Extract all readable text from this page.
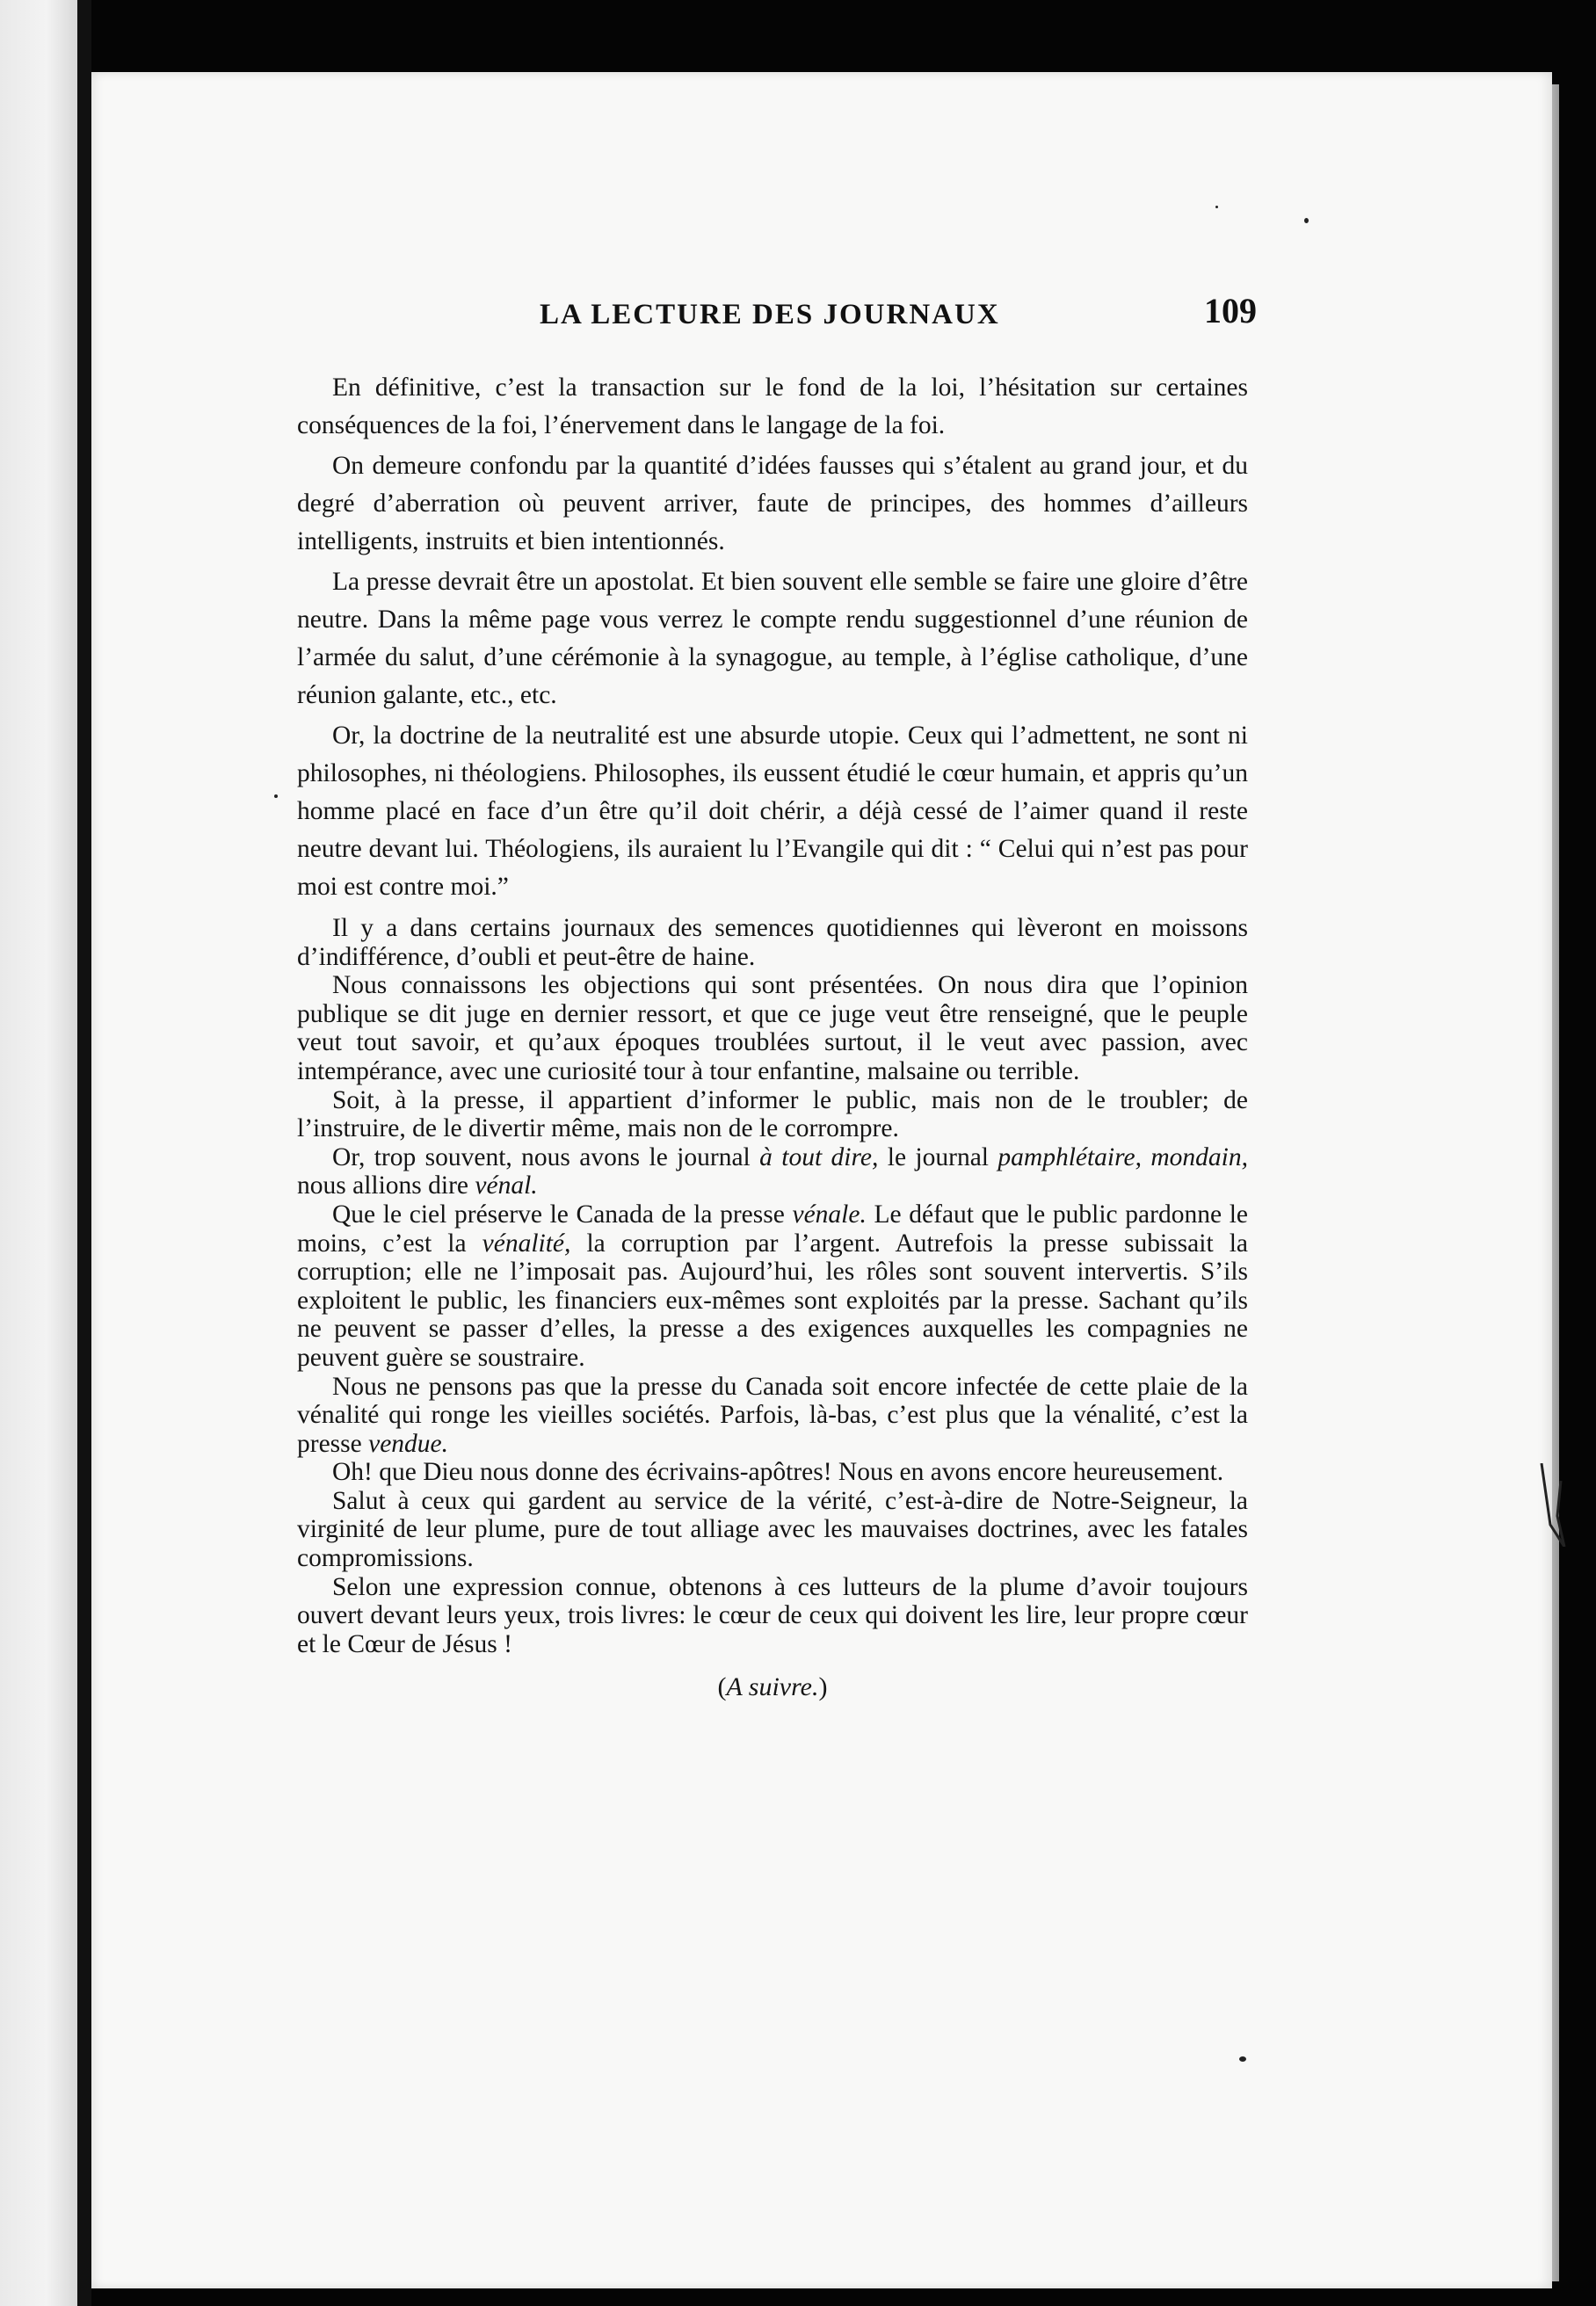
LA LECTURE DES JOURNAUX	109

En définitive, c’est la transaction sur le fond de la loi, l’hésitation sur certaines conséquences de la foi, l’énervement dans le langage de la foi.

On demeure confondu par la quantité d’idées fausses qui s’étalent au grand jour, et du degré d’aberration où peuvent arriver, faute de principes, des hommes d’ailleurs intelligents, instruits et bien intentionnés.

La presse devrait être un apostolat. Et bien souvent elle semble se faire une gloire d’être neutre. Dans la même page vous verrez le compte rendu suggestionnel d’une réunion de l’armée du salut, d’une cérémonie à la synagogue, au temple, à l’église catholique, d’une réunion galante, etc., etc.

Or, la doctrine de la neutralité est une absurde utopie. Ceux qui l’admettent, ne sont ni philosophes, ni théologiens. Philosophes, ils eussent étudié le cœur humain, et appris qu’un homme placé en face d’un être qu’il doit chérir, a déjà cessé de l’aimer quand il reste neutre devant lui. Théologiens, ils auraient lu l’Evangile qui dit : “ Celui qui n’est pas pour moi est contre moi.”

Il y a dans certains journaux des semences quotidiennes qui lèveront en moissons d’indifférence, d’oubli et peut-être de haine.

Nous connaissons les objections qui sont présentées. On nous dira que l’opinion publique se dit juge en dernier ressort, et que ce juge veut être renseigné, que le peuple veut tout savoir, et qu’aux époques troublées surtout, il le veut avec passion, avec intempérance, avec une curiosité tour à tour enfantine, malsaine ou terrible.

Soit, à la presse, il appartient d’informer le public, mais non de le troubler; de l’instruire, de le divertir même, mais non de le corrompre.

Or, trop souvent, nous avons le journal à tout dire, le journal pamphlétaire, mondain, nous allions dire vénal.

Que le ciel préserve le Canada de la presse vénale. Le défaut que le public pardonne le moins, c’est la vénalité, la corruption par l’argent. Autrefois la presse subissait la corruption; elle ne l’imposait pas. Aujourd’hui, les rôles sont souvent intervertis. S’ils exploitent le public, les financiers eux-mêmes sont exploités par la presse. Sachant qu’ils ne peuvent se passer d’elles, la presse a des exigences auxquelles les compagnies ne peuvent guère se soustraire.

Nous ne pensons pas que la presse du Canada soit encore infectée de cette plaie de la vénalité qui ronge les vieilles sociétés. Parfois, là-bas, c’est plus que la vénalité, c’est la presse vendue.

Oh! que Dieu nous donne des écrivains-apôtres! Nous en avons encore heureusement.

Salut à ceux qui gardent au service de la vérité, c’est-à-dire de Notre-Seigneur, la virginité de leur plume, pure de tout alliage avec les mauvaises doctrines, avec les fatales compromissions.

Selon une expression connue, obtenons à ces lutteurs de la plume d’avoir toujours ouvert devant leurs yeux, trois livres: le cœur de ceux qui doivent les lire, leur propre cœur et le Cœur de Jésus !

(A suivre.)
